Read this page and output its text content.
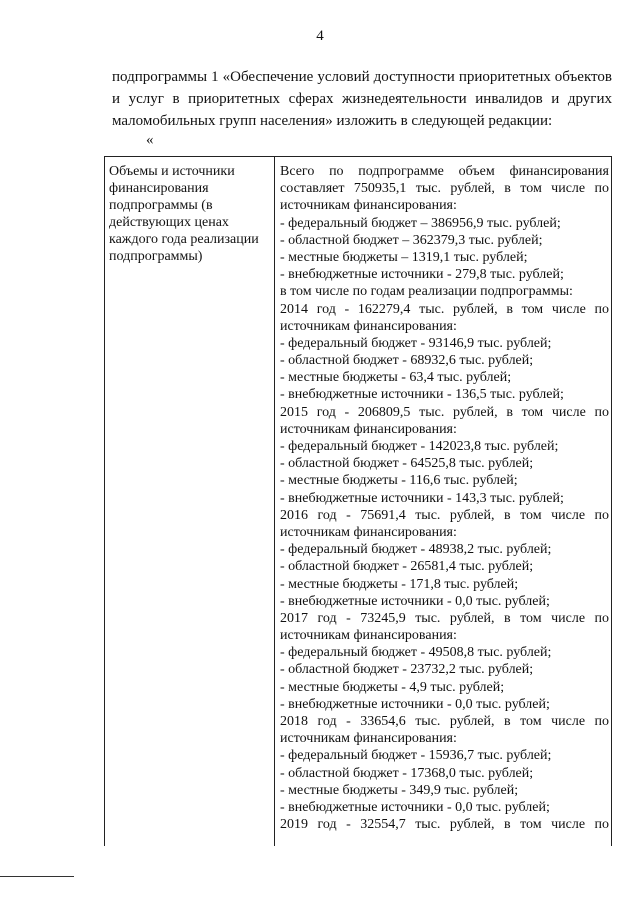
4
подпрограммы 1 «Обеспечение условий доступности приоритетных объектов
и услуг в приоритетных сферах жизнедеятельности инвалидов и других
маломобильных групп населения» изложить в следующей редакции:
«
Объемы и источники
финансирования
подпрограммы (в
действующих ценах
каждого года реализации
подпрограммы)
Всего по подпрограмме объем финансирования
составляет 750935,1 тыс. рублей, в том числе по
источникам финансирования:
- федеральный бюджет – 386956,9 тыс. рублей;
- областной бюджет – 362379,3 тыс. рублей;
- местные бюджеты – 1319,1 тыс. рублей;
- внебюджетные источники - 279,8 тыс. рублей;
в том числе по годам реализации подпрограммы:
2014 год - 162279,4 тыс. рублей, в том числе по
источникам финансирования:
- федеральный бюджет - 93146,9 тыс. рублей;
- областной бюджет - 68932,6 тыс. рублей;
- местные бюджеты - 63,4 тыс. рублей;
- внебюджетные источники - 136,5 тыс. рублей;
2015 год - 206809,5 тыс. рублей, в том числе по
источникам финансирования:
- федеральный бюджет - 142023,8 тыс. рублей;
- областной бюджет - 64525,8 тыс. рублей;
- местные бюджеты - 116,6 тыс. рублей;
- внебюджетные источники - 143,3 тыс. рублей;
2016 год - 75691,4 тыс. рублей, в том числе по
источникам финансирования:
- федеральный бюджет - 48938,2 тыс. рублей;
- областной бюджет - 26581,4 тыс. рублей;
- местные бюджеты - 171,8 тыс. рублей;
- внебюджетные источники - 0,0 тыс. рублей;
2017 год - 73245,9 тыс. рублей, в том числе по
источникам финансирования:
- федеральный бюджет - 49508,8 тыс. рублей;
- областной бюджет - 23732,2 тыс. рублей;
- местные бюджеты - 4,9 тыс. рублей;
- внебюджетные источники - 0,0 тыс. рублей;
2018 год - 33654,6 тыс. рублей, в том числе по
источникам финансирования:
- федеральный бюджет - 15936,7 тыс. рублей;
- областной бюджет - 17368,0 тыс. рублей;
- местные бюджеты - 349,9 тыс. рублей;
- внебюджетные источники - 0,0 тыс. рублей;
2019 год - 32554,7 тыс. рублей, в том числе по
